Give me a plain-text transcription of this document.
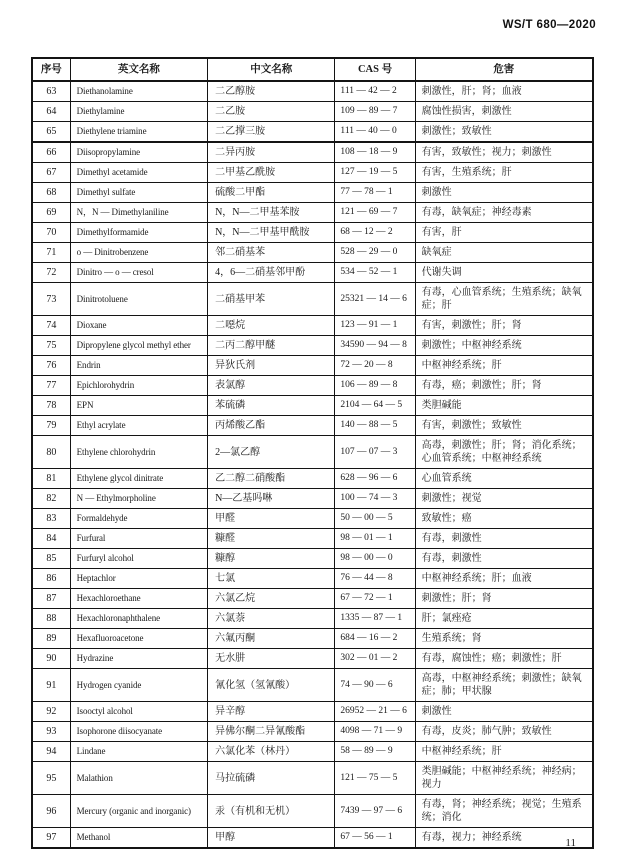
WS/T 680—2020
序号	英文名称	中文名称	CAS 号	危害
63	Diethanolamine	二乙醇胺	111 — 42 — 2	刺激性，肝；肾；血液
64	Diethylamine	二乙胺	109 — 89 — 7	腐蚀性损害，刺激性
65	Diethylene triamine	二乙撑三胺	111 — 40 — 0	刺激性；致敏性
66	Diisopropylamine	二异丙胺	108 — 18 — 9	有害，致敏性；视力；刺激性
67	Dimethyl acetamide	二甲基乙酰胺	127 — 19 — 5	有害，生殖系统；肝
68	Dimethyl sulfate	硫酸二甲酯	77 — 78 — 1	刺激性
69	N，N — Dimethylaniline	N，N—二甲基苯胺	121 — 69 — 7	有毒，缺氧症；神经毒素
70	Dimethylformamide	N，N—二甲基甲酰胺	68 — 12 — 2	有害，肝
71	o — Dinitrobenzene	邻二硝基苯	528 — 29 — 0	缺氧症
72	Dinitro — o — cresol	4，6—二硝基邻甲酚	534 — 52 — 1	代谢失调
73	Dinitrotoluene	二硝基甲苯	25321 — 14 — 6	有毒，心血管系统；生殖系统；缺氧症；肝
74	Dioxane	二噁烷	123 — 91 — 1	有害，刺激性；肝；肾
75	Dipropylene glycol methyl ether	二丙二醇甲醚	34590 — 94 — 8	刺激性；中枢神经系统
76	Endrin	异狄氏剂	72 — 20 — 8	中枢神经系统；肝
77	Epichlorohydrin	表氯醇	106 — 89 — 8	有毒，癌；刺激性；肝；肾
78	EPN	苯硫磷	2104 — 64 — 5	类胆碱能
79	Ethyl acrylate	丙烯酸乙酯	140 — 88 — 5	有害，刺激性；致敏性
80	Ethylene chlorohydrin	2—氯乙醇	107 — 07 — 3	高毒，刺激性；肝；肾；消化系统；心血管系统；中枢神经系统
81	Ethylene glycol dinitrate	乙二醇二硝酸酯	628 — 96 — 6	心血管系统
82	N — Ethylmorpholine	N—乙基吗啉	100 — 74 — 3	刺激性；视觉
83	Formaldehyde	甲醛	50 — 00 — 5	致敏性；癌
84	Furfural	糠醛	98 — 01 — 1	有毒，刺激性
85	Furfuryl alcohol	糠醇	98 — 00 — 0	有毒，刺激性
86	Heptachlor	七氯	76 — 44 — 8	中枢神经系统；肝；血液
87	Hexachloroethane	六氯乙烷	67 — 72 — 1	刺激性；肝；肾
88	Hexachloronaphthalene	六氯萘	1335 — 87 — 1	肝；氯痤疮
89	Hexafluoroacetone	六氟丙酮	684 — 16 — 2	生殖系统；肾
90	Hydrazine	无水肼	302 — 01 — 2	有毒，腐蚀性；癌；刺激性；肝
91	Hydrogen cyanide	氰化氢（氢氰酸）	74 — 90 — 6	高毒，中枢神经系统；刺激性；缺氧症；肺；甲状腺
92	Isooctyl alcohol	异辛醇	26952 — 21 — 6	刺激性
93	Isophorone diisocyanate	异佛尔酮二异氰酸酯	4098 — 71 — 9	有毒，皮炎；肺气肿；致敏性
94	Lindane	六氯化苯（林丹）	58 — 89 — 9	中枢神经系统；肝
95	Malathion	马拉硫磷	121 — 75 — 5	类胆碱能；中枢神经系统；神经病；视力
96	Mercury (organic and inorganic)	汞（有机和无机）	7439 — 97 — 6	有毒，肾；神经系统；视觉；生殖系统；消化
97	Methanol	甲醇	67 — 56 — 1	有毒，视力；神经系统	11
